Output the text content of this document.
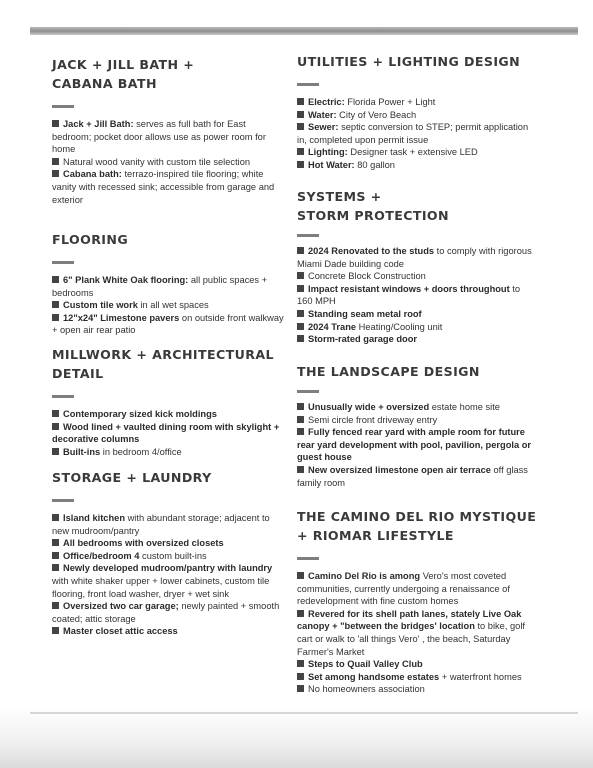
JACK + JILL BATH +
CABANA BATH
Jack + Jill Bath: serves as full bath for East bedroom; pocket door allows use as power room for home
Natural wood vanity with custom tile selection
Cabana bath: terrazo-inspired tile flooring; white vanity with recessed sink; accessible from garage and exterior
FLOORING
6" Plank White Oak flooring: all public spaces + bedrooms
Custom tile work in all wet spaces
12"x24" Limestone pavers on outside front walkway + open air rear patio
MILLWORK + ARCHITECTURAL DETAIL
Contemporary sized kick moldings
Wood lined + vaulted dining room with skylight + decorative columns
Built-ins in bedroom 4/office
STORAGE + LAUNDRY
Island kitchen with abundant storage; adjacent to new mudroom/pantry
All bedrooms with oversized closets
Office/bedroom 4 custom built-ins
Newly developed mudroom/pantry with laundry with white shaker upper + lower cabinets, custom tile flooring, front load washer, dryer + wet sink
Oversized two car garage; newly painted + smooth coated; attic storage
Master closet attic access
UTILITIES + LIGHTING DESIGN
Electric: Florida Power + Light
Water: City of Vero Beach
Sewer: septic conversion to STEP; permit application in, completed upon permit issue
Lighting: Designer task + extensive LED
Hot Water: 80 gallon
SYSTEMS +
STORM PROTECTION
2024 Renovated to the studs to comply with rigorous Miami Dade building code
Concrete Block Construction
Impact resistant windows + doors throughout to 160 MPH
Standing seam metal roof
2024 Trane Heating/Cooling unit
Storm-rated garage door
THE LANDSCAPE DESIGN
Unusually wide + oversized estate home site
Semi circle front driveway entry
Fully fenced rear yard with ample room for future rear yard development with pool, pavilion, pergola or guest house
New oversized limestone open air terrace off glass family room
THE CAMINO DEL RIO MYSTIQUE + RIOMAR LIFESTYLE
Camino Del Rio is among Vero's most coveted communities, currently undergoing a renaissance of redevelopment with fine custom homes
Revered for its shell path lanes, stately Live Oak canopy + "between the bridges' location to bike, golf cart or walk to 'all things Vero' , the beach, Saturday Farmer's Market
Steps to Quail Valley Club
Set among handsome estates + waterfront homes
No homeowners association
